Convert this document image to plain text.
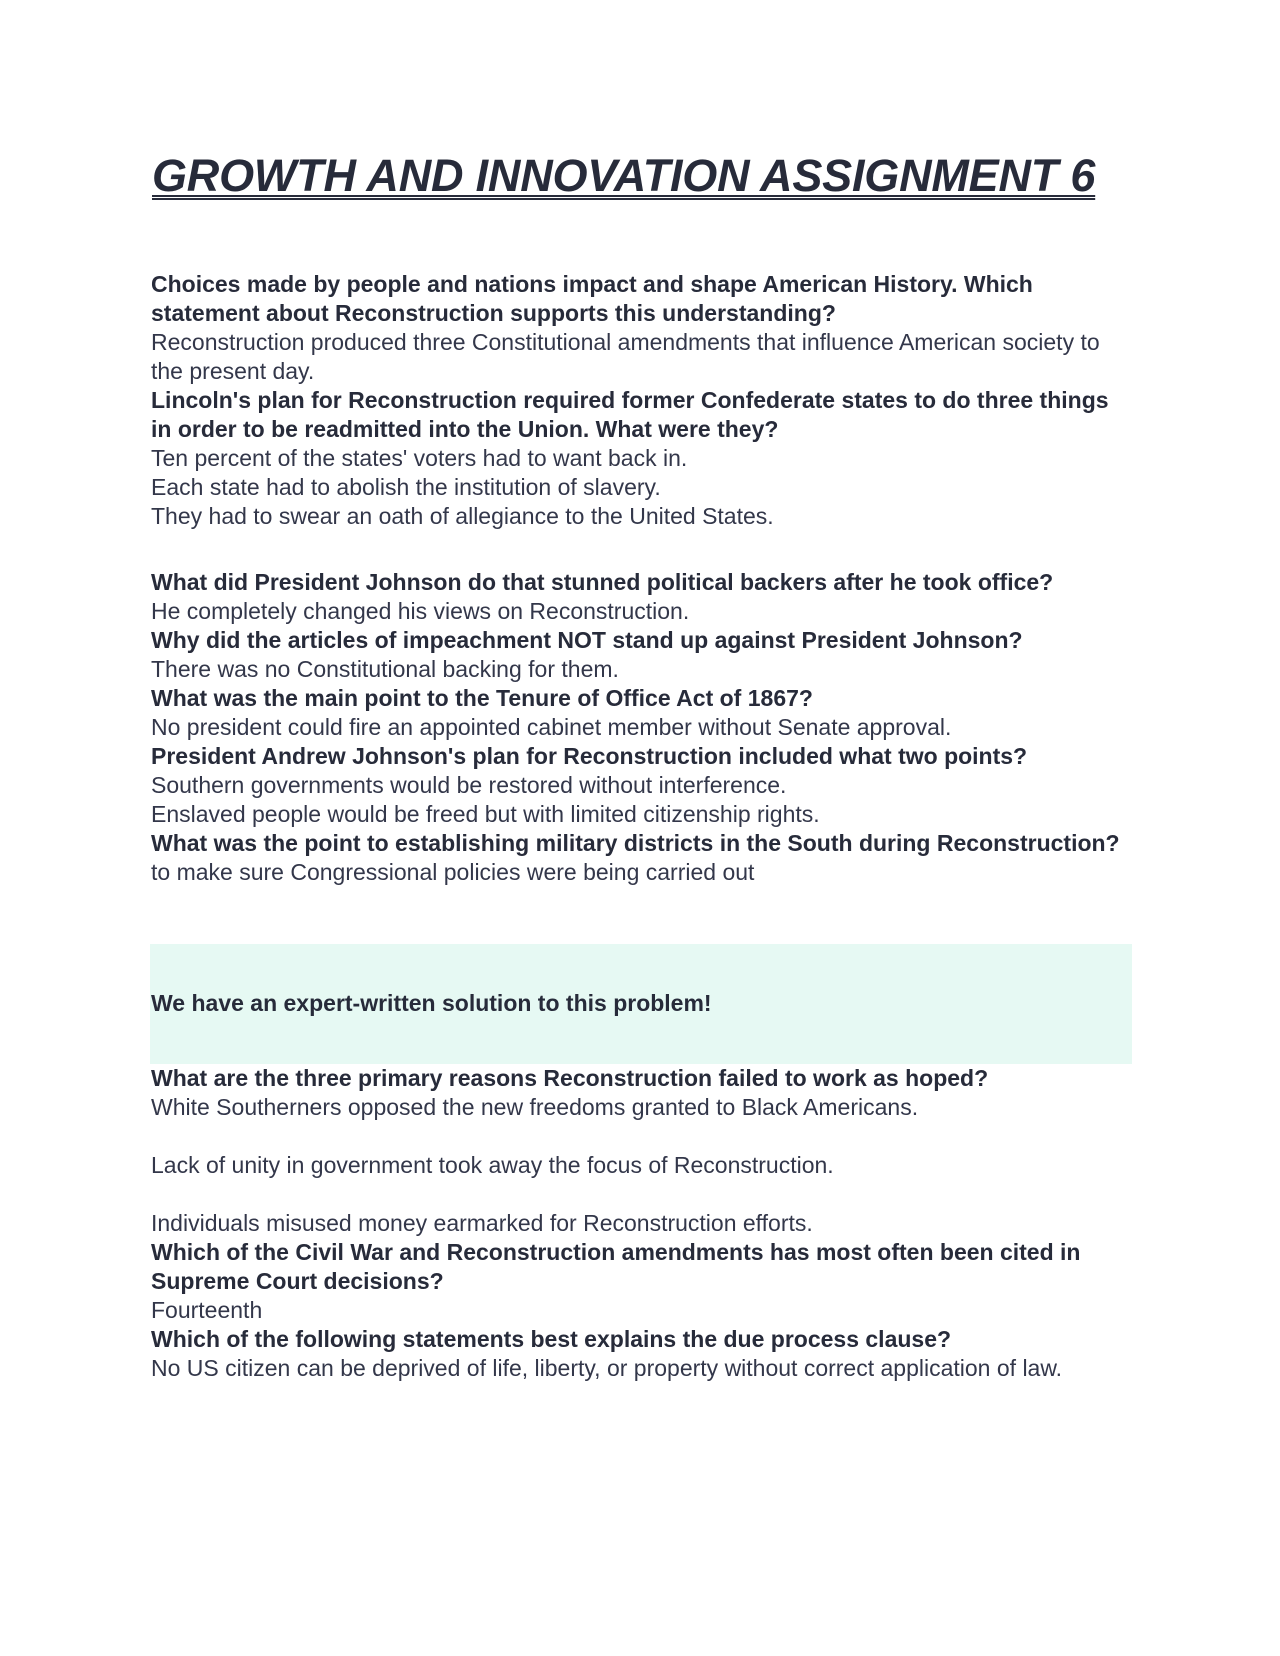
GROWTH AND INNOVATION ASSIGNMENT 6
Choices made by people and nations impact and shape American History. Which statement about Reconstruction supports this understanding?
Reconstruction produced three Constitutional amendments that influence American society to the present day.
Lincoln's plan for Reconstruction required former Confederate states to do three things in order to be readmitted into the Union. What were they?
Ten percent of the states' voters had to want back in.
Each state had to abolish the institution of slavery.
They had to swear an oath of allegiance to the United States.
What did President Johnson do that stunned political backers after he took office?
He completely changed his views on Reconstruction.
Why did the articles of impeachment NOT stand up against President Johnson?
There was no Constitutional backing for them.
What was the main point to the Tenure of Office Act of 1867?
No president could fire an appointed cabinet member without Senate approval.
President Andrew Johnson's plan for Reconstruction included what two points?
Southern governments would be restored without interference.
Enslaved people would be freed but with limited citizenship rights.
What was the point to establishing military districts in the South during Reconstruction?
to make sure Congressional policies were being carried out
We have an expert-written solution to this problem!
What are the three primary reasons Reconstruction failed to work as hoped?
White Southerners opposed the new freedoms granted to Black Americans.
Lack of unity in government took away the focus of Reconstruction.
Individuals misused money earmarked for Reconstruction efforts.
Which of the Civil War and Reconstruction amendments has most often been cited in Supreme Court decisions?
Fourteenth
Which of the following statements best explains the due process clause?
No US citizen can be deprived of life, liberty, or property without correct application of law.
